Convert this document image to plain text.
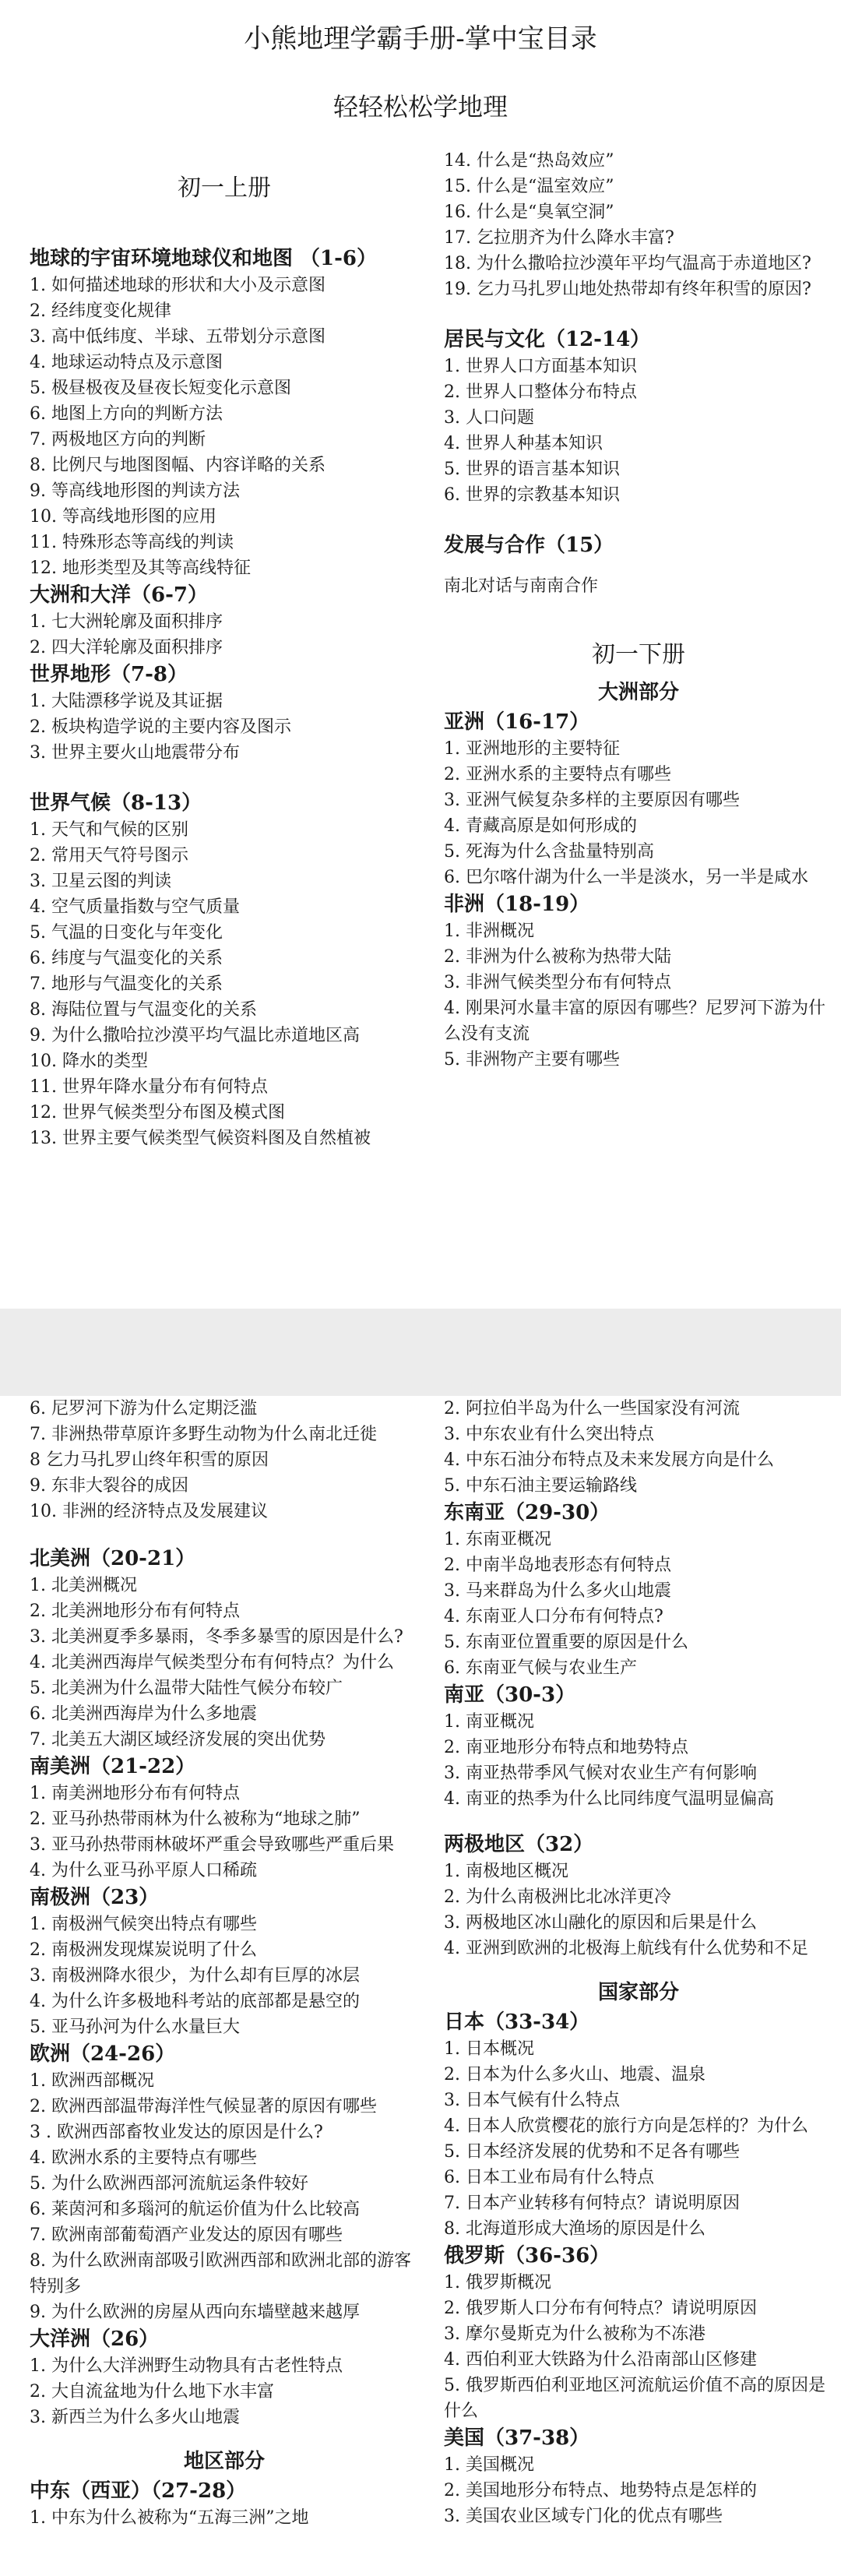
小熊地理学霸手册-掌中宝目录
轻轻松松学地理
初一上册
地球的宇宙环境地球仪和地图 （1-6）
1. 如何描述地球的形状和大小及示意图
2. 经纬度变化规律
3. 高中低纬度、半球、五带划分示意图
4. 地球运动特点及示意图
5. 极昼极夜及昼夜长短变化示意图
6. 地图上方向的判断方法
7. 两极地区方向的判断
8. 比例尺与地图图幅、内容详略的关系
9. 等高线地形图的判读方法
10. 等高线地形图的应用
11. 特殊形态等高线的判读
12. 地形类型及其等高线特征
大洲和大洋（6-7）
1. 七大洲轮廓及面积排序
2. 四大洋轮廓及面积排序
世界地形（7-8）
1. 大陆漂移学说及其证据
2. 板块构造学说的主要内容及图示
3. 世界主要火山地震带分布
世界气候（8-13）
1. 天气和气候的区别
2. 常用天气符号图示
3. 卫星云图的判读
4. 空气质量指数与空气质量
5. 气温的日变化与年变化
6. 纬度与气温变化的关系
7. 地形与气温变化的关系
8. 海陆位置与气温变化的关系
9. 为什么撒哈拉沙漠平均气温比赤道地区高
10. 降水的类型
11. 世界年降水量分布有何特点
12. 世界气候类型分布图及模式图
13. 世界主要气候类型气候资料图及自然植被
14. 什么是“热岛效应”
15. 什么是“温室效应”
16. 什么是“臭氧空洞”
17. 乞拉朋齐为什么降水丰富?
18. 为什么撒哈拉沙漠年平均气温高于赤道地区?
19. 乞力马扎罗山地处热带却有终年积雪的原因?
居民与文化（12-14）
1. 世界人口方面基本知识
2. 世界人口整体分布特点
3. 人口问题
4. 世界人种基本知识
5. 世界的语言基本知识
6. 世界的宗教基本知识
发展与合作（15）
南北对话与南南合作
初一下册
大洲部分
亚洲（16-17）
1. 亚洲地形的主要特征
2. 亚洲水系的主要特点有哪些
3. 亚洲气候复杂多样的主要原因有哪些
4. 青藏高原是如何形成的
5. 死海为什么含盐量特别高
6. 巴尔喀什湖为什么一半是淡水，另一半是咸水
非洲（18-19）
1. 非洲概况
2. 非洲为什么被称为热带大陆
3. 非洲气候类型分布有何特点
4. 刚果河水量丰富的原因有哪些？尼罗河下游为什么没有支流
5. 非洲物产主要有哪些
6. 尼罗河下游为什么定期泛滥
7. 非洲热带草原许多野生动物为什么南北迁徙
8 乞力马扎罗山终年积雪的原因
9. 东非大裂谷的成因
10. 非洲的经济特点及发展建议
北美洲（20-21）
1. 北美洲概况
2. 北美洲地形分布有何特点
3. 北美洲夏季多暴雨，冬季多暴雪的原因是什么?
4. 北美洲西海岸气候类型分布有何特点？为什么
5. 北美洲为什么温带大陆性气候分布较广
6. 北美洲西海岸为什么多地震
7. 北美五大湖区域经济发展的突出优势
南美洲（21-22）
1. 南美洲地形分布有何特点
2. 亚马孙热带雨林为什么被称为“地球之肺”
3. 亚马孙热带雨林破坏严重会导致哪些严重后果
4. 为什么亚马孙平原人口稀疏
南极洲（23）
1. 南极洲气候突出特点有哪些
2. 南极洲发现煤炭说明了什么
3. 南极洲降水很少，为什么却有巨厚的冰层
4. 为什么许多极地科考站的底部都是悬空的
5. 亚马孙河为什么水量巨大
欧洲（24-26）
1. 欧洲西部概况
2. 欧洲西部温带海洋性气候显著的原因有哪些
3 . 欧洲西部畜牧业发达的原因是什么?
4. 欧洲水系的主要特点有哪些
5. 为什么欧洲西部河流航运条件较好
6. 莱茵河和多瑙河的航运价值为什么比较高
7. 欧洲南部葡萄酒产业发达的原因有哪些
8. 为什么欧洲南部吸引欧洲西部和欧洲北部的游客特别多
9. 为什么欧洲的房屋从西向东墙壁越来越厚
大洋洲（26）
1. 为什么大洋洲野生动物具有古老性特点
2. 大自流盆地为什么地下水丰富
3. 新西兰为什么多火山地震
地区部分
中东（西亚）（27-28）
1. 中东为什么被称为“五海三洲”之地
2. 阿拉伯半岛为什么一些国家没有河流
3. 中东农业有什么突出特点
4. 中东石油分布特点及未来发展方向是什么
5. 中东石油主要运输路线
东南亚（29-30）
1. 东南亚概况
2. 中南半岛地表形态有何特点
3. 马来群岛为什么多火山地震
4. 东南亚人口分布有何特点?
5. 东南亚位置重要的原因是什么
6. 东南亚气候与农业生产
南亚（30-3）
1. 南亚概况
2. 南亚地形分布特点和地势特点
3. 南亚热带季风气候对农业生产有何影响
4. 南亚的热季为什么比同纬度气温明显偏高
两极地区（32）
1. 南极地区概况
2. 为什么南极洲比北冰洋更冷
3. 两极地区冰山融化的原因和后果是什么
4. 亚洲到欧洲的北极海上航线有什么优势和不足
国家部分
日本（33-34）
1. 日本概况
2. 日本为什么多火山、地震、温泉
3. 日本气候有什么特点
4. 日本人欣赏樱花的旅行方向是怎样的？为什么
5. 日本经济发展的优势和不足各有哪些
6. 日本工业布局有什么特点
7. 日本产业转移有何特点？请说明原因
8. 北海道形成大渔场的原因是什么
俄罗斯（36-36）
1. 俄罗斯概况
2. 俄罗斯人口分布有何特点？请说明原因
3. 摩尔曼斯克为什么被称为不冻港
4. 西伯利亚大铁路为什么沿南部山区修建
5. 俄罗斯西伯利亚地区河流航运价值不高的原因是什么
美国（37-38）
1. 美国概况
2. 美国地形分布特点、地势特点是怎样的
3. 美国农业区域专门化的优点有哪些
